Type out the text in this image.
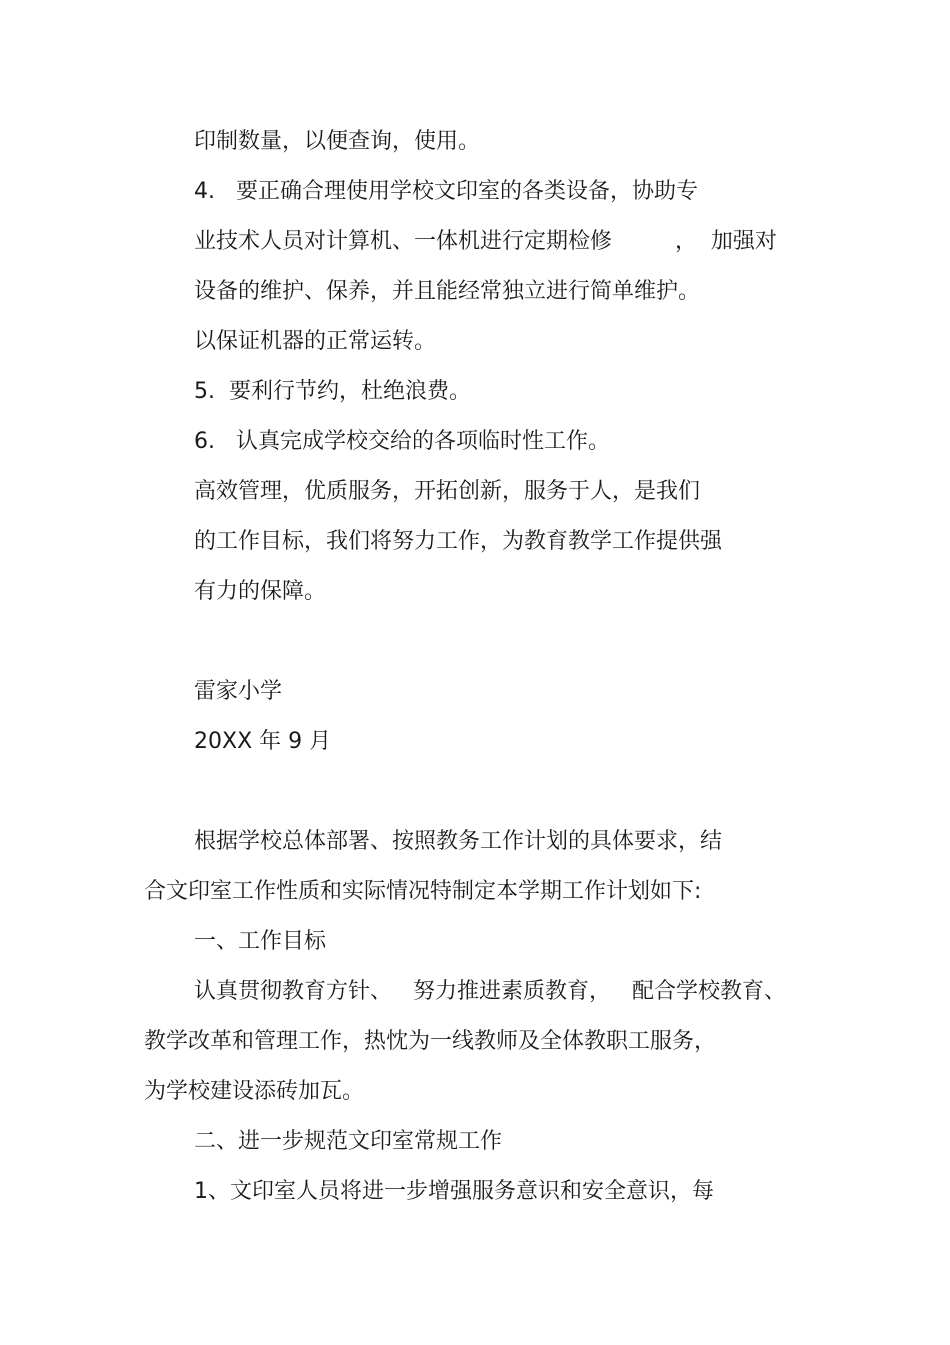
印制数量，以便查询，使用。
4.   要正确合理使用学校文印室的各类设备，协助专
业技术人员对计算机、一体机进行定期检修         ，  加强对
设备的维护、保养，并且能经常独立进行简单维护。
以保证机器的正常运转。
5.  要利行节约，杜绝浪费。
6.   认真完成学校交给的各项临时性工作。
高效管理，优质服务，开拓创新，服务于人，是我们
的工作目标，我们将努力工作，为教育教学工作提供强
有力的保障。
雷家小学
20XX 年 9 月
根据学校总体部署、按照教务工作计划的具体要求，结
合文印室工作性质和实际情况特制定本学期工作计划如下:
一、工作目标
认真贯彻教育方针、   努力推进素质教育，   配合学校教育、
教学改革和管理工作，热忱为一线教师及全体教职工服务，
为学校建设添砖加瓦。
二、进一步规范文印室常规工作
1、文印室人员将进一步增强服务意识和安全意识，每
